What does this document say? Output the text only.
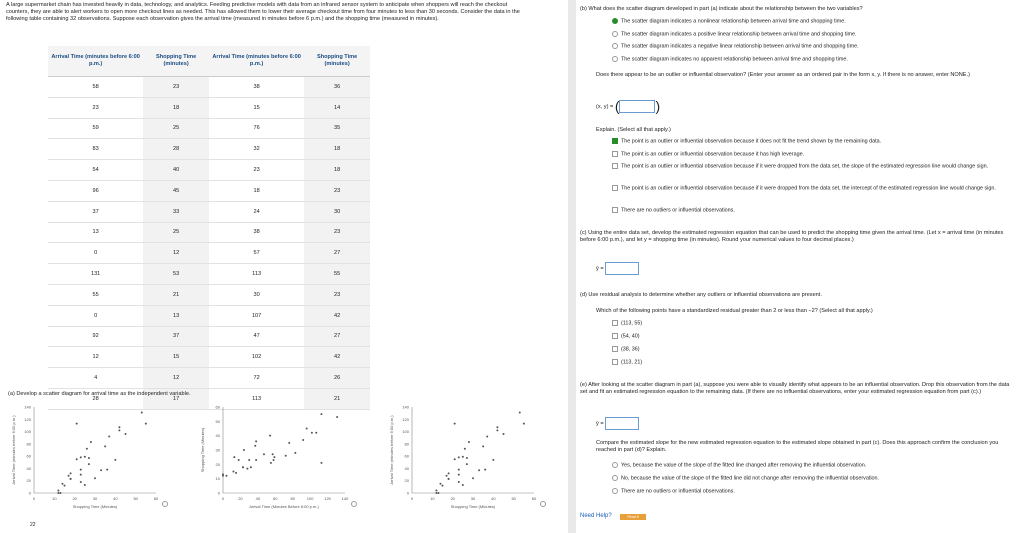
A large supermarket chain has invested heavily in data, technology, and analytics. Feeding predictive models with data from an infrared sensor system to anticipate when shoppers will reach the checkout counters, they are able to alert workers to open more checkout lines as needed. This has allowed them to lower their average checkout time from four minutes to less than 30 seconds. Consider the data in the following table containing 32 observations. Suppose each observation gives the arrival time (measured in minutes before 6 p.m.) and the shopping time (measured in minutes).
Arrival Time (minutes before 6:00 p.m.)	Shopping Time (minutes)	Arrival Time (minutes before 6:00 p.m.)	Shopping Time (minutes)
58	23	38	36
23	18	15	14
59	25	76	35
83	28	32	18
54	40	23	18
96	45	18	23
37	33	24	30
13	25	38	23
0	12	57	27
131	53	113	55
55	21	30	23
0	13	107	42
92	37	47	27
12	15	102	42
4	12	72	26
28	17	113	21
(a) Develop a scatter diagram for arrival time as the independent variable.
140
120
100
80
60
40
20
0
0	10	20	30	40	50	60
Shopping Time (Minutes)
Arrival Time (minutes before 6:00 p.m.)
60
50
40
30
20
10
0
0	20	40	60	80	100	120	140
Arrival Time (Minutes Before 6:00 p.m.)
Shopping Time (Minutes)
140
120
100
80
60
40
20
0
0	10	20	30	40	50	60
Shopping Time (Minutes)
Arrival Time (minutes before 6:00 p.m.)
22
(b) What does the scatter diagram developed in part (a) indicate about the relationship between the two variables?
The scatter diagram indicates a nonlinear relationship between arrival time and shopping time.
The scatter diagram indicates a positive linear relationship between arrival time and shopping time.
The scatter diagram indicates a negative linear relationship between arrival time and shopping time.
The scatter diagram indicates no apparent relationship between arrival time and shopping time.
Does there appear to be an outlier or influential observation? (Enter your answer as an ordered pair in the form x, y. If there is no answer, enter NONE.)
(x, y) = (	)
Explain. (Select all that apply.)
The point is an outlier or influential observation because it does not fit the trend shown by the remaining data.
The point is an outlier or influential observation because it has high leverage.
The point is an outlier or influential observation because if it were dropped from the data set, the slope of the estimated regression line would change sign.
The point is an outlier or influential observation because if it were dropped from the data set, the intercept of the estimated regression line would change sign.
There are no outliers or influential observations.
(c) Using the entire data set, develop the estimated regression equation that can be used to predict the shopping time given the arrival time. (Let x = arrival time (in minutes before 6:00 p.m.), and let y = shopping time (in minutes). Round your numerical values to four decimal places.)
ŷ =
(d) Use residual analysis to determine whether any outliers or influential observations are present.
Which of the following points have a standardized residual greater than 2 or less than −2? (Select all that apply.)
(113, 55)
(54, 40)
(38, 36)
(113, 21)
(e) After looking at the scatter diagram in part (a), suppose you were able to visually identify what appears to be an influential observation. Drop this observation from the data set and fit an estimated regression equation to the remaining data. (If there are no influential observations, enter your estimated regression equation from part (c).)
ŷ =
Compare the estimated slope for the new estimated regression equation to the estimated slope obtained in part (c). Does this approach confirm the conclusion you reached in part (d)? Explain.
Yes, because the value of the slope of the fitted line changed after removing the influential observation.
No, because the value of the slope of the fitted line did not change after removing the influential observation.
There are no outliers or influential observations.
Need Help?	Read It
